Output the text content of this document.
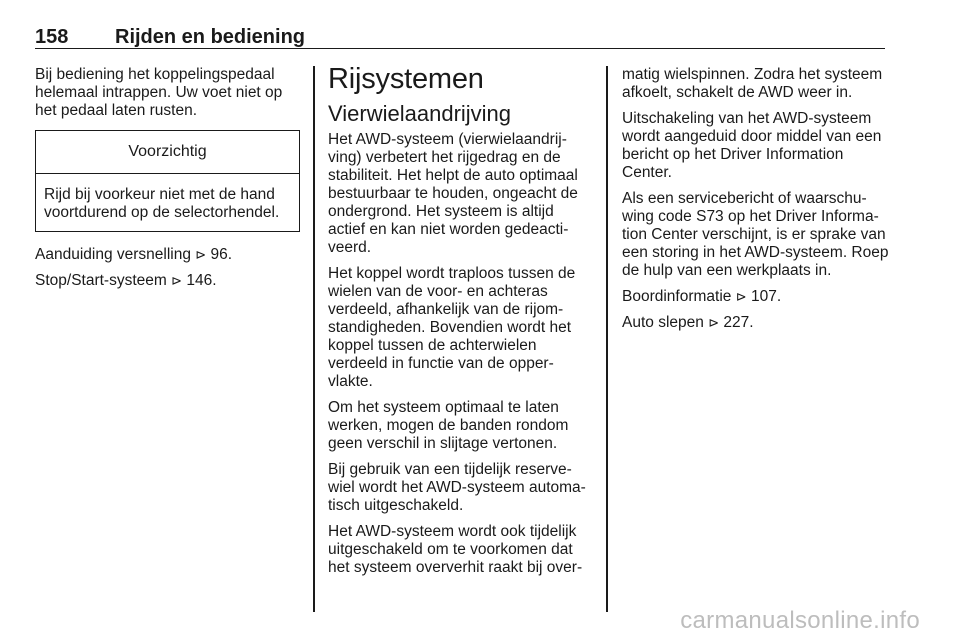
158 Rijden en bediening

Bij bediening het koppelingspedaal helemaal intrappen. Uw voet niet op het pedaal laten rusten.

Voorzichtig
Rijd bij voorkeur niet met de hand voortdurend op de selectorhendel.

Aanduiding versnelling ⊳ 96.

Stop/Start-systeem ⊳ 146.

Rijsystemen
Vierwielaandrijving

Het AWD-systeem (vierwielaandrij-ving) verbetert het rijgedrag en de stabiliteit. Het helpt de auto optimaal bestuurbaar te houden, ongeacht de ondergrond. Het systeem is altijd actief en kan niet worden gedeacti-veerd.

Het koppel wordt traploos tussen de wielen van de voor- en achteras verdeeld, afhankelijk van de rijom-standigheden. Bovendien wordt het koppel tussen de achterwielen verdeeld in functie van de opper-vlakte.

Om het systeem optimaal te laten werken, mogen de banden rondom geen verschil in slijtage vertonen.

Bij gebruik van een tijdelijk reserve-wiel wordt het AWD-systeem automa-tisch uitgeschakeld.

Het AWD-systeem wordt ook tijdelijk uitgeschakeld om te voorkomen dat het systeem oververhit raakt bij over-

matig wielspinnen. Zodra het systeem afkoelt, schakelt de AWD weer in.

Uitschakeling van het AWD-systeem wordt aangeduid door middel van een bericht op het Driver Information Center.

Als een servicebericht of waarschu-wing code S73 op het Driver Informa-tion Center verschijnt, is er sprake van een storing in het AWD-systeem. Roep de hulp van een werkplaats in.

Boordinformatie ⊳ 107.

Auto slepen ⊳ 227.

carmanualsonline.info
